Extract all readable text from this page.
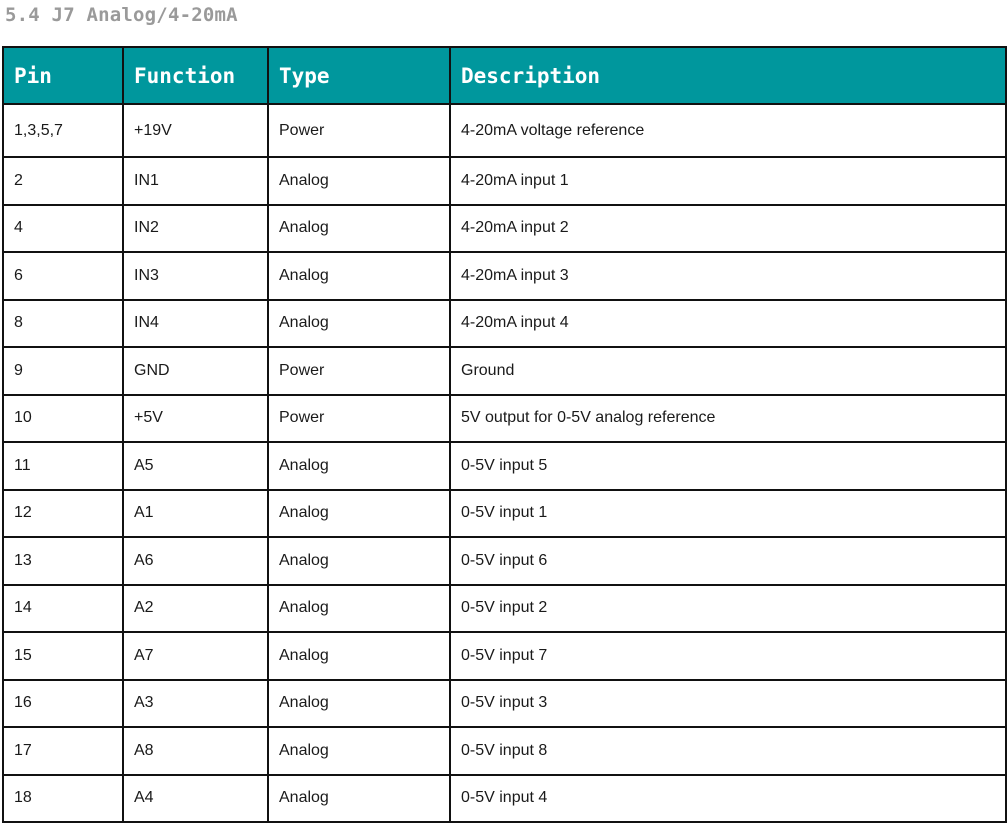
5.4 J7 Analog/4-20mA
Pin	Function	Type	Description
1,3,5,7	+19V	Power	4-20mA voltage reference
2	IN1	Analog	4-20mA input 1
4	IN2	Analog	4-20mA input 2
6	IN3	Analog	4-20mA input 3
8	IN4	Analog	4-20mA input 4
9	GND	Power	Ground
10	+5V	Power	5V output for 0-5V analog reference
11	A5	Analog	0-5V input 5
12	A1	Analog	0-5V input 1
13	A6	Analog	0-5V input 6
14	A2	Analog	0-5V input 2
15	A7	Analog	0-5V input 7
16	A3	Analog	0-5V input 3
17	A8	Analog	0-5V input 8
18	A4	Analog	0-5V input 4
